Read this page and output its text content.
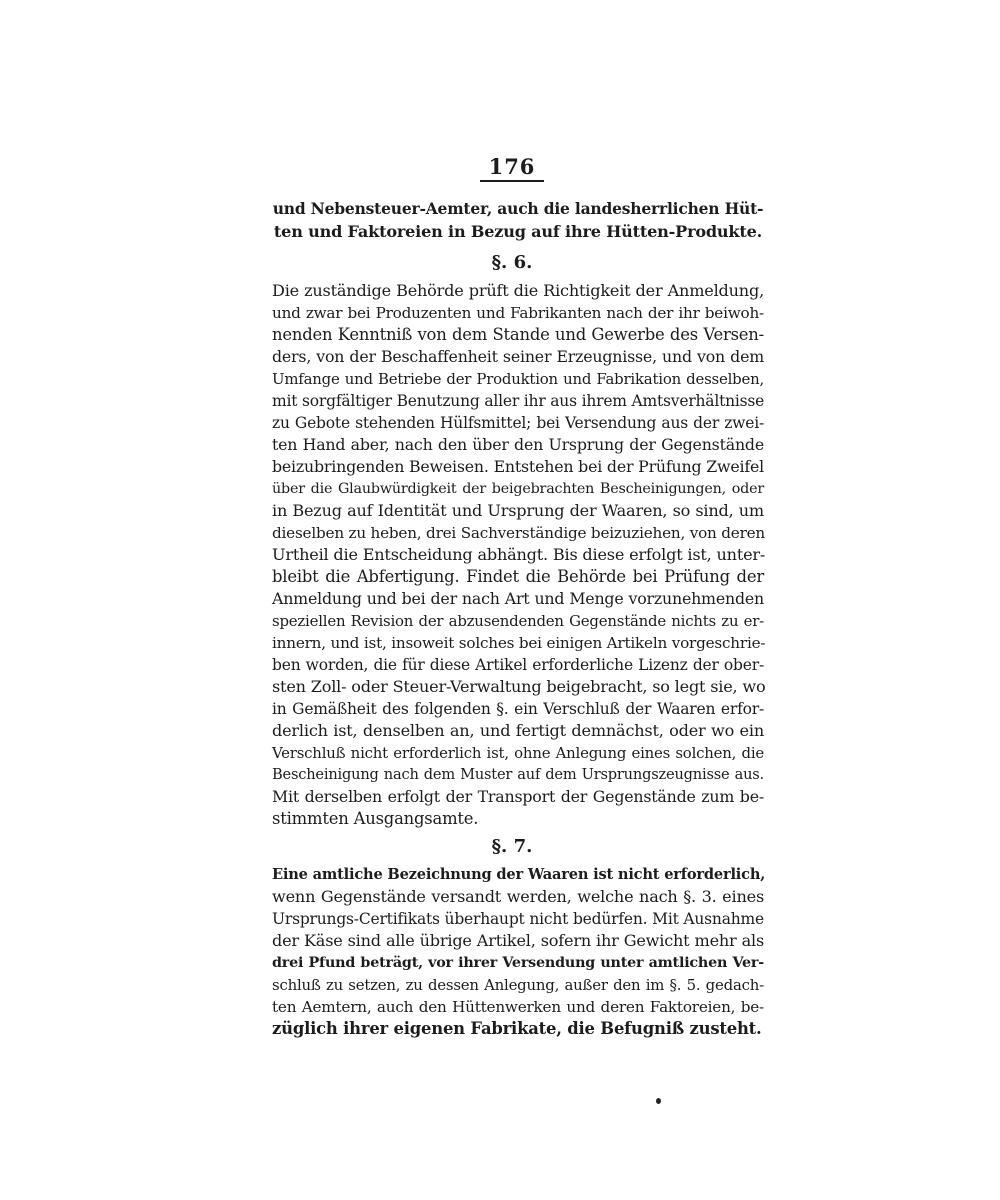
176
und Nebensteuer-Aemter, auch die landesherrlichen Hüt-
ten und Faktoreien in Bezug auf ihre Hütten-Produkte.
§. 6.
Die zuständige Behörde prüft die Richtigkeit der Anmeldung,
und zwar bei Produzenten und Fabrikanten nach der ihr beiwoh-
nenden Kenntniß von dem Stande und Gewerbe des Versen-
ders, von der Beschaffenheit seiner Erzeugnisse, und von dem
Umfange und Betriebe der Produktion und Fabrikation desselben,
mit sorgfältiger Benutzung aller ihr aus ihrem Amtsverhältnisse
zu Gebote stehenden Hülfsmittel; bei Versendung aus der zwei-
ten Hand aber, nach den über den Ursprung der Gegenstände
beizubringenden Beweisen. Entstehen bei der Prüfung Zweifel
über die Glaubwürdigkeit der beigebrachten Bescheinigungen, oder
in Bezug auf Identität und Ursprung der Waaren, so sind, um
dieselben zu heben, drei Sachverständige beizuziehen, von deren
Urtheil die Entscheidung abhängt. Bis diese erfolgt ist, unter-
bleibt die Abfertigung. Findet die Behörde bei Prüfung der
Anmeldung und bei der nach Art und Menge vorzunehmenden
speziellen Revision der abzusendenden Gegenstände nichts zu er-
innern, und ist, insoweit solches bei einigen Artikeln vorgeschrie-
ben worden, die für diese Artikel erforderliche Lizenz der ober-
sten Zoll- oder Steuer-Verwaltung beigebracht, so legt sie, wo
in Gemäßheit des folgenden §. ein Verschluß der Waaren erfor-
derlich ist, denselben an, und fertigt demnächst, oder wo ein
Verschluß nicht erforderlich ist, ohne Anlegung eines solchen, die
Bescheinigung nach dem Muster auf dem Ursprungszeugnisse aus.
Mit derselben erfolgt der Transport der Gegenstände zum be-
stimmten Ausgangsamte.
§. 7.
Eine amtliche Bezeichnung der Waaren ist nicht erforderlich,
wenn Gegenstände versandt werden, welche nach §. 3. eines
Ursprungs-Certifikats überhaupt nicht bedürfen. Mit Ausnahme
der Käse sind alle übrige Artikel, sofern ihr Gewicht mehr als
drei Pfund beträgt, vor ihrer Versendung unter amtlichen Ver-
schluß zu setzen, zu dessen Anlegung, außer den im §. 5. gedach-
ten Aemtern, auch den Hüttenwerken und deren Faktoreien, be-
züglich ihrer eigenen Fabrikate, die Befugniß zusteht.
